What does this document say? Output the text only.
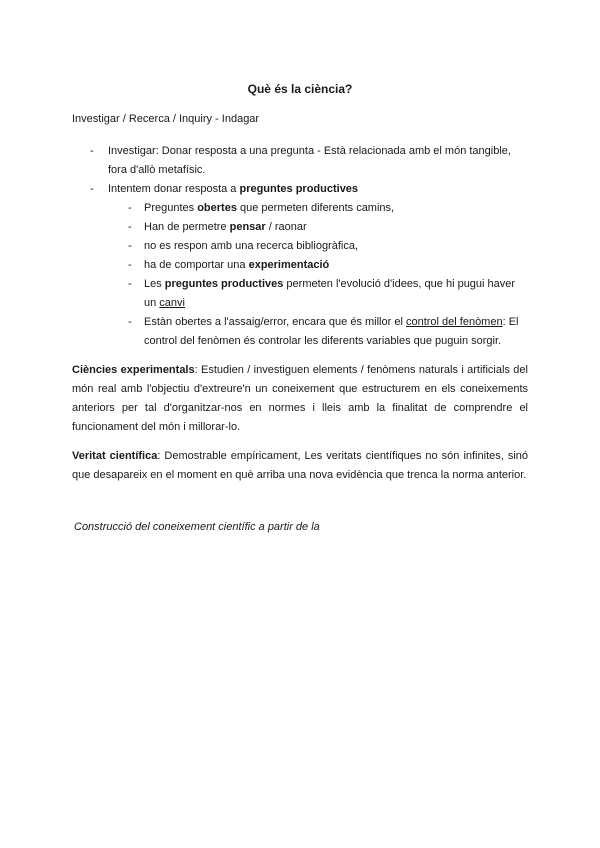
Què és la ciència?
Investigar / Recerca / Inquiry - Indagar
- Investigar: Donar resposta a una pregunta - Està relacionada amb el món tangible, fora d'allò metafísic.
- Intentem donar resposta a preguntes productives
- Preguntes obertes que permeten diferents camins,
- Han de permetre pensar / raonar
- no es respon amb una recerca bibliogràfica,
- ha de comportar una experimentació
- Les preguntes productives permeten l'evolució d'idees, que hi pugui haver un canvi
- Estàn obertes a l'assaig/error, encara que és millor el control del fenòmen: El control del fenòmen és controlar les diferents variables que puguin sorgir.
Ciències experimentals: Estudien / investiguen elements / fenòmens naturals i artificials del món real amb l'objectiu d'extreure'n un coneixement que estructurem en els coneixements anteriors per tal d'organitzar-nos en normes i lleis amb la finalitat de comprendre el funcionament del món i millorar-lo.
Veritat científica: Demostrable empíricament, Les veritats científiques no són infinites, sinó que desapareix en el moment en què arriba una nova evidència que trenca la norma anterior.
Construcció del coneixement científic a partir de la
